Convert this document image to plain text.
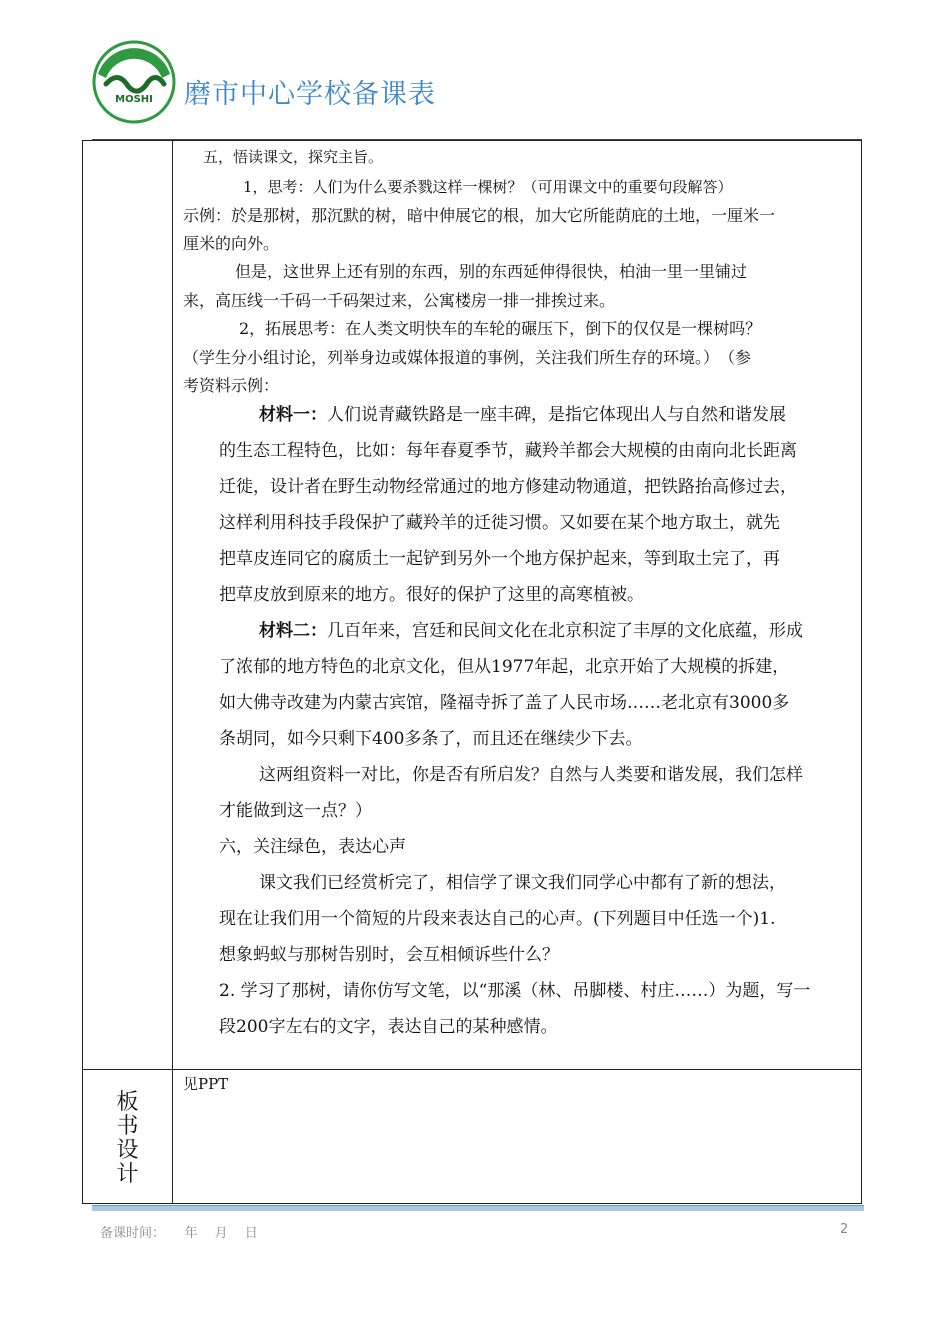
MOSHI 磨市中心学校备课表
五，悟读课文，探究主旨。
1，思考：人们为什么要杀戮这样一棵树？（可用课文中的重要句段解答）
示例：於是那树，那沉默的树，暗中伸展它的根，加大它所能荫庇的土地，一厘米一
厘米的向外。
但是，这世界上还有别的东西，别的东西延伸得很快，柏油一里一里铺过
来，高压线一千码一千码架过来，公寓楼房一排一排挨过来。
2，拓展思考：在人类文明快车的车轮的碾压下，倒下的仅仅是一棵树吗？
（学生分小组讨论，列举身边或媒体报道的事例，关注我们所生存的环境。）　（参
考资料示例：
材料一：人们说青藏铁路是一座丰碑，是指它体现出人与自然和谐发展
的生态工程特色，比如：每年春夏季节，藏羚羊都会大规模的由南向北长距离
迁徙，设计者在野生动物经常通过的地方修建动物通道，把铁路抬高修过去，
这样利用科技手段保护了藏羚羊的迁徙习惯。又如要在某个地方取土，就先
把草皮连同它的腐质土一起铲到另外一个地方保护起来，等到取土完了，再
把草皮放到原来的地方。很好的保护了这里的高寒植被。
材料二：几百年来，宫廷和民间文化在北京积淀了丰厚的文化底蕴，形成
了浓郁的地方特色的北京文化，但从1977年起，北京开始了大规模的拆建，
如大佛寺改建为内蒙古宾馆，隆福寺拆了盖了人民市场……老北京有3000多
条胡同，如今只剩下400多条了，而且还在继续少下去。
这两组资料一对比，你是否有所启发？自然与人类要和谐发展，我们怎样
才能做到这一点？）
六，关注绿色，表达心声
课文我们已经赏析完了，相信学了课文我们同学心中都有了新的想法，
现在让我们用一个简短的片段来表达自己的心声。(下列题目中任选一个)1.
想象蚂蚁与那树告别时，会互相倾诉些什么？
2. 学习了那树，请你仿写文笔，以“那溪（林、吊脚楼、村庄……）为题，写一
段200字左右的文字，表达自己的某种感情。
板书设计
见PPT
备课时间：　　年　 月　 日	2
